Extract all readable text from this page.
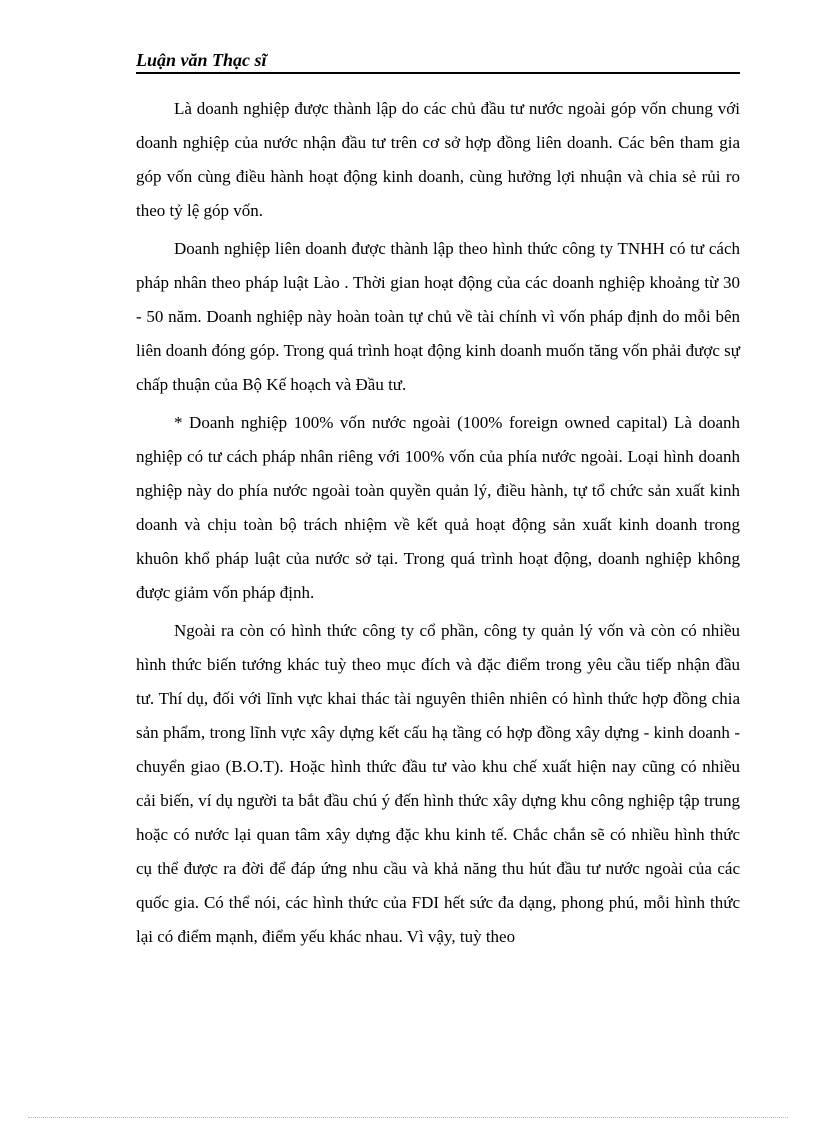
Luận văn Thạc sĩ

Là doanh nghiệp được thành lập do các chủ đầu tư nước ngoài góp vốn chung với doanh nghiệp của nước nhận đầu tư trên cơ sở hợp đồng liên doanh. Các bên tham gia góp vốn cùng điều hành hoạt động kinh doanh, cùng hưởng lợi nhuận và chia sẻ rủi ro theo tỷ lệ góp vốn.

Doanh nghiệp liên doanh được thành lập theo hình thức công ty TNHH có tư cách pháp nhân theo pháp luật Lào . Thời gian hoạt động của các doanh nghiệp khoảng từ 30 - 50 năm. Doanh nghiệp này hoàn toàn tự chủ về tài chính vì vốn pháp định do mỗi bên liên doanh đóng góp. Trong quá trình hoạt động kinh doanh muốn tăng vốn phải được sự chấp thuận của Bộ Kế hoạch và Đầu tư.

* Doanh nghiệp 100% vốn nước ngoài (100% foreign owned capital) Là doanh nghiệp có tư cách pháp nhân riêng với 100% vốn của phía nước ngoài. Loại hình doanh nghiệp này do phía nước ngoài toàn quyền quản lý, điều hành, tự tổ chức sản xuất kinh doanh và chịu toàn bộ trách nhiệm về kết quả hoạt động sản xuất kinh doanh trong khuôn khổ pháp luật của nước sở tại. Trong quá trình hoạt động, doanh nghiệp không được giảm vốn pháp định.

Ngoài ra còn có hình thức công ty cổ phần, công ty quản lý vốn và còn có nhiều hình thức biến tướng khác tuỳ theo mục đích và đặc điểm trong yêu cầu tiếp nhận đầu tư. Thí dụ, đối với lĩnh vực khai thác tài nguyên thiên nhiên có hình thức hợp đồng chia sản phẩm, trong lĩnh vực xây dựng kết cấu hạ tầng có hợp đồng xây dựng - kinh doanh - chuyển giao (B.O.T). Hoặc hình thức đầu tư vào khu chế xuất hiện nay cũng có nhiều cải biến, ví dụ người ta bắt đầu chú ý đến hình thức xây dựng khu công nghiệp tập trung hoặc có nước lại quan tâm xây dựng đặc khu kinh tế. Chắc chắn sẽ có nhiều hình thức cụ thể được ra đời để đáp ứng nhu cầu và khả năng thu hút đầu tư nước ngoài của các quốc gia. Có thể nói, các hình thức của FDI hết sức đa dạng, phong phú, mỗi hình thức lại có điểm mạnh, điểm yếu khác nhau. Vì vậy, tuỳ theo
